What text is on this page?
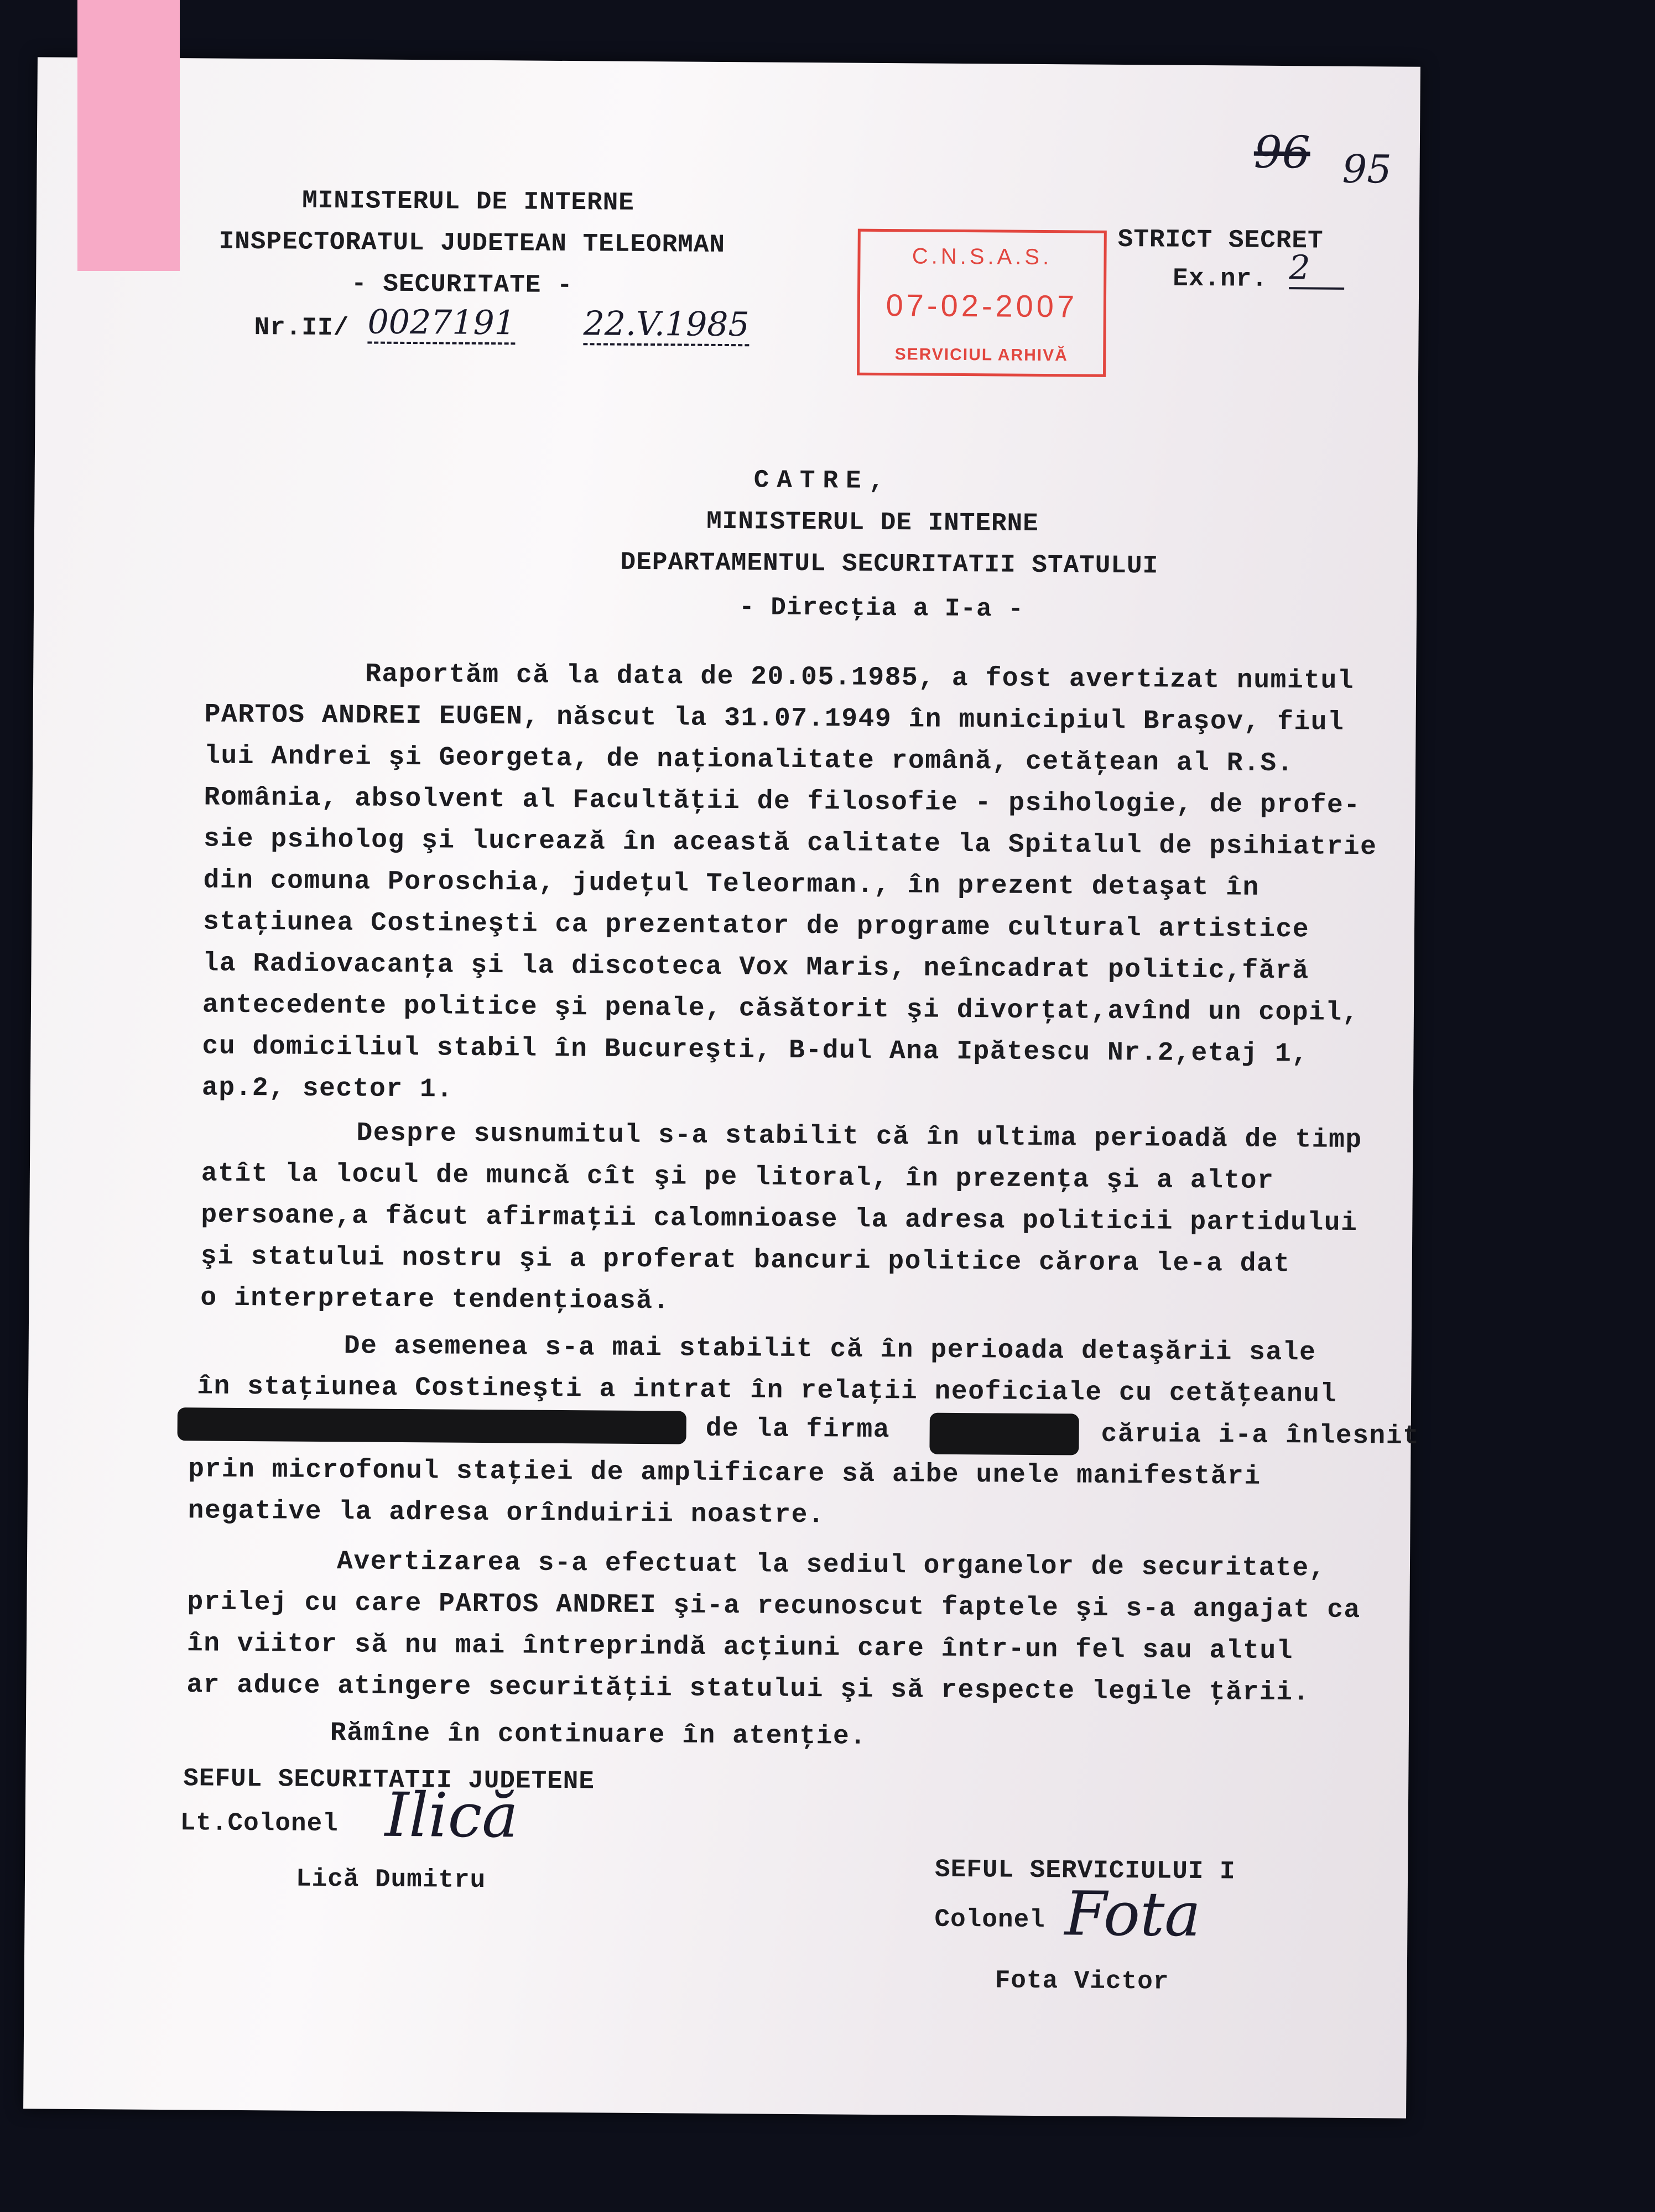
96 95
MINISTERUL DE INTERNE
INSPECTORATUL JUDETEAN TELEORMAN
- SECURITATE -
Nr.II/ 0027191 22.V.1985
STRICT SECRET
Ex.nr. 2
C.N.S.A.S.
07-02-2007
SERVICIUL ARHIVĂ
CATRE,
MINISTERUL DE INTERNE
DEPARTAMENTUL SECURITATII STATULUI
- Direcţia a I-a -
Raportăm că la data de 20.05.1985, a fost avertizat numitul
PARTOS ANDREI EUGEN, născut la 31.07.1949 în municipiul Braşov, fiul
lui Andrei şi Georgeta, de naţionalitate română, cetăţean al R.S.
România, absolvent al Facultăţii de filosofie - psihologie, de profe-
sie psiholog şi lucrează în această calitate la Spitalul de psihiatrie
din comuna Poroschia, judeţul Teleorman., în prezent detaşat în
staţiunea Costineşti ca prezentator de programe cultural artistice
la Radiovacanţa şi la discoteca Vox Maris, neîncadrat politic,fără
antecedente politice şi penale, căsătorit şi divorţat,avînd un copil,
cu domiciliul stabil în Bucureşti, B-dul Ana Ipătescu Nr.2,etaj 1,
ap.2, sector 1.
Despre susnumitul s-a stabilit că în ultima perioadă de timp
atît la locul de muncă cît şi pe litoral, în prezenţa şi a altor
persoane,a făcut afirmaţii calomnioase la adresa politicii partidului
şi statului nostru şi a proferat bancuri politice cărora le-a dat
o interpretare tendenţioasă.
De asemenea s-a mai stabilit că în perioada detaşării sale
în staţiunea Costineşti a intrat în relaţii neoficiale cu cetăţeanul
de la firma	căruia i-a înlesnit
prin microfonul staţiei de amplificare să aibe unele manifestări
negative la adresa orînduirii noastre.
Avertizarea s-a efectuat la sediul organelor de securitate,
prilej cu care PARTOS ANDREI şi-a recunoscut faptele şi s-a angajat ca
în viitor să nu mai întreprindă acţiuni care într-un fel sau altul
ar aduce atingere securităţii statului şi să respecte legile ţării.
Rămîne în continuare în atenţie.
SEFUL SECURITATII JUDETENE
Lt.Colonel Ilică
Lică Dumitru	SEFUL SERVICIULUI I
Colonel Fota
Fota Victor
